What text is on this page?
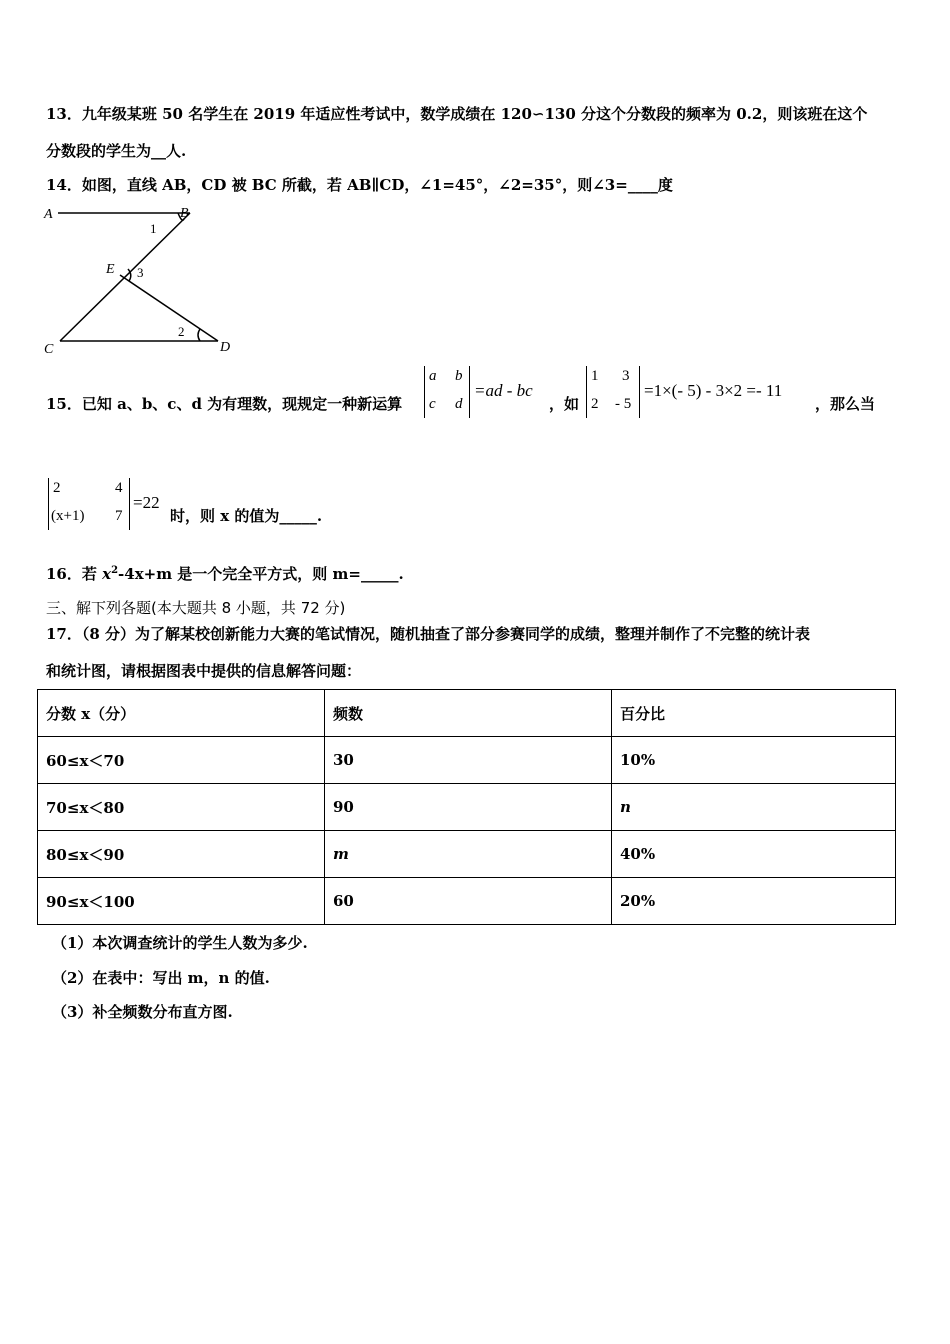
13．九年级某班 50 名学生在 2019 年适应性考试中，数学成绩在 120∽130 分这个分数段的频率为 0.2，则该班在这个
分数段的学生为__人.
14．如图，直线 AB，CD 被 BC 所截，若 AB∥CD，∠1=45°，∠2=35°，则∠3=____度
A	B
C	D
E
1
3
2
15．已知 a、b、c、d 为有理数，现规定一种新运算
a b
c d
=ad - bc
，如
1 3
2 - 5
=1×(- 5) - 3×2 =- 11
，那么当
2	4
(x+1) 7
=22
时，则 x 的值为_____.
16．若 $x^2-4x+m$ 是一个完全平方式，则 m=_____.
三、解下列各题(本大题共 8 小题，共 72 分)
17．（8 分）为了解某校创新能力大赛的笔试情况，随机抽查了部分参赛同学的成绩，整理并制作了不完整的统计表
和统计图，请根据图表中提供的信息解答问题：
分数 x（分）	频数	百分比
60≤x＜70	30	10%
70≤x＜80	90	n
80≤x＜90	m	40%
90≤x＜100	60	20%
（1）本次调查统计的学生人数为多少.
（2）在表中：写出 m，n 的值.
（3）补全频数分布直方图.
